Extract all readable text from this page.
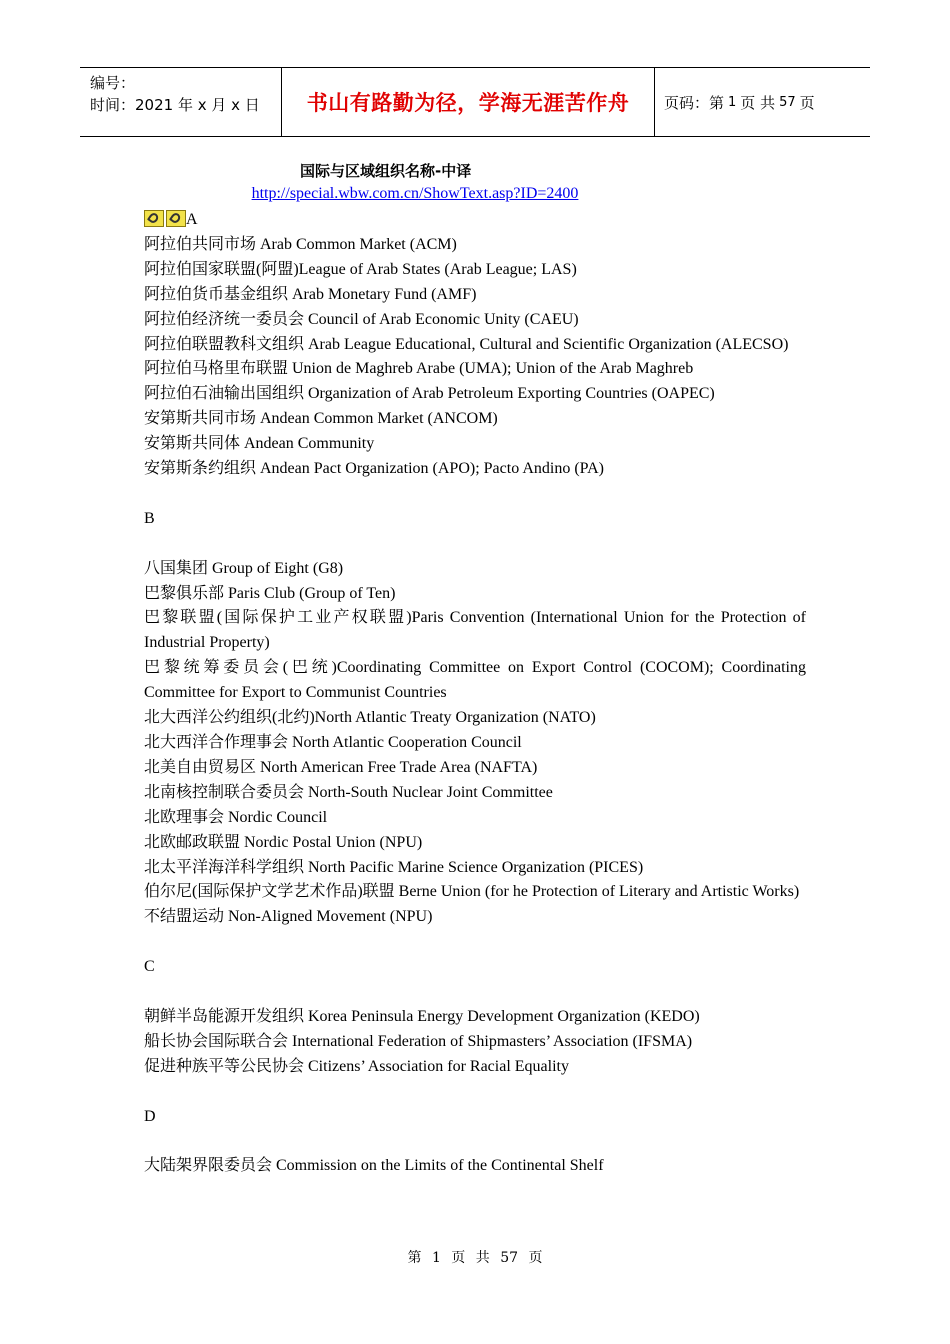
编号：
时间：2021 年 x 月 x 日	书山有路勤为径，学海无涯苦作舟 页码：第 1 页 共 57 页
国际与区域组织名称-中译
http://special.wbw.com.cn/ShowText.asp?ID=2400

A

阿拉伯共同市场 Arab Common Market (ACM)

阿拉伯国家联盟(阿盟)League of Arab States (Arab League; LAS)

阿拉伯货币基金组织 Arab Monetary Fund (AMF)

阿拉伯经济统一委员会 Council of Arab Economic Unity (CAEU)

阿拉伯联盟教科文组织 Arab League Educational, Cultural and Scientific Organization (ALECSO)

阿拉伯马格里布联盟 Union de Maghreb Arabe (UMA); Union of the Arab Maghreb

阿拉伯石油输出国组织 Organization of Arab Petroleum Exporting Countries (OAPEC)

安第斯共同市场 Andean Common Market (ANCOM)

安第斯共同体 Andean Community

安第斯条约组织 Andean Pact Organization (APO); Pacto Andino (PA)

B

八国集团 Group of Eight (G8)

巴黎俱乐部 Paris Club (Group of Ten)

巴黎联盟(国际保护工业产权联盟)Paris Convention (International Union for the Protection of Industrial Property)

巴黎统筹委员会(巴统)Coordinating Committee on Export Control (COCOM); Coordinating Committee for Export to Communist Countries

北大西洋公约组织(北约)North Atlantic Treaty Organization (NATO)

北大西洋合作理事会 North Atlantic Cooperation Council

北美自由贸易区 North American Free Trade Area (NAFTA)

北南核控制联合委员会 North-South Nuclear Joint Committee

北欧理事会 Nordic Council

北欧邮政联盟 Nordic Postal Union (NPU)

北太平洋海洋科学组织 North Pacific Marine Science Organization (PICES)

伯尔尼(国际保护文学艺术作品)联盟 Berne Union (for he Protection of Literary and Artistic Works)

不结盟运动 Non-Aligned Movement (NPU)

C

朝鲜半岛能源开发组织 Korea Peninsula Energy Development Organization (KEDO)

船长协会国际联合会 International Federation of Shipmasters’ Association (IFSMA)

促进种族平等公民协会 Citizens’ Association for Racial Equality

D

大陆架界限委员会 Commission on the Limits of the Continental Shelf

第 1 页 共 57 页
